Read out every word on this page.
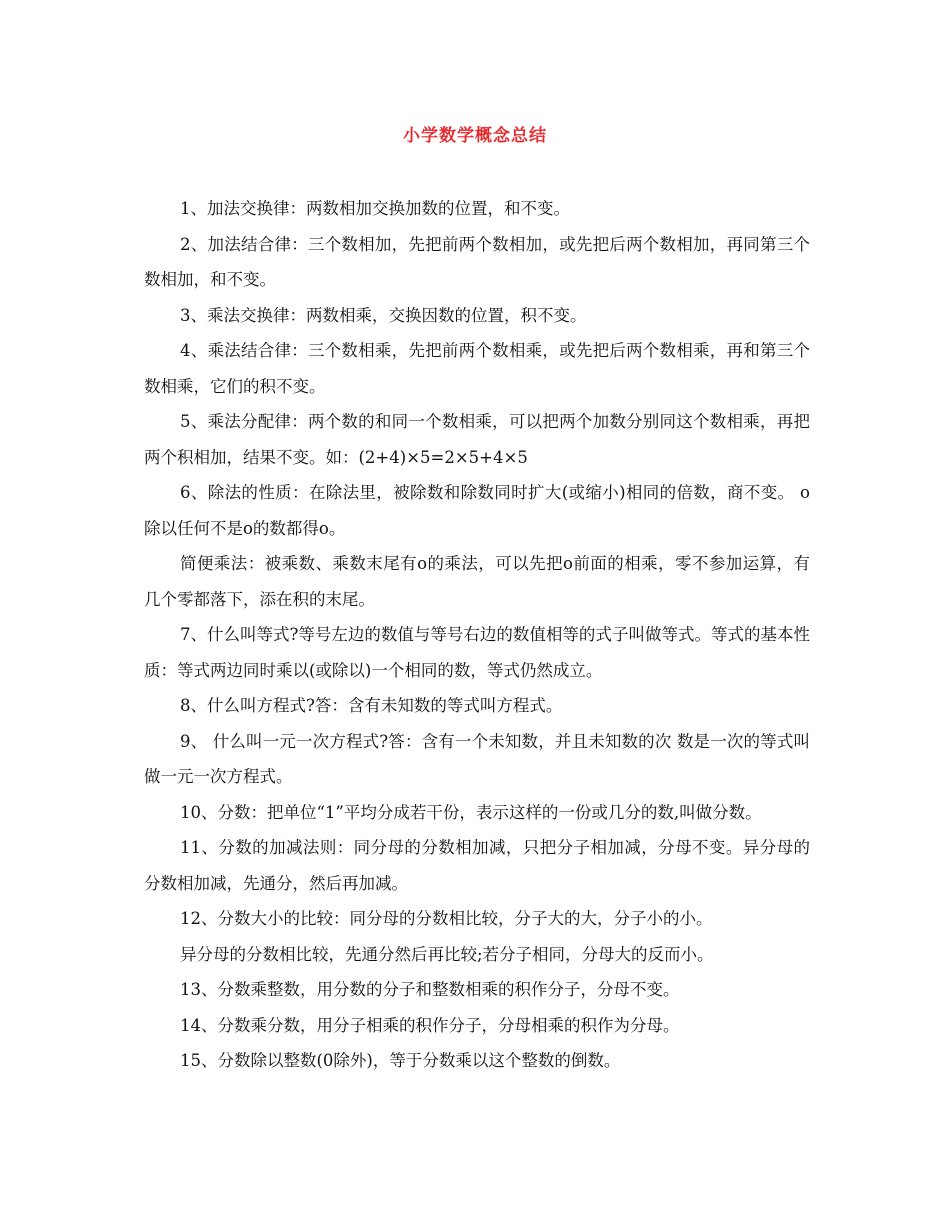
小学数学概念总结

1、加法交换律：两数相加交换加数的位置，和不变。

2、加法结合律：三个数相加，先把前两个数相加，或先把后两个数相加，再同第三个数相加，和不变。

3、乘法交换律：两数相乘，交换因数的位置，积不变。

4、乘法结合律：三个数相乘，先把前两个数相乘，或先把后两个数相乘，再和第三个数相乘，它们的积不变。

5、乘法分配律：两个数的和同一个数相乘，可以把两个加数分别同这个数相乘，再把两个积相加，结果不变。如：(2+4)×5=2×5+4×5

6、除法的性质：在除法里，被除数和除数同时扩大(或缩小)相同的倍数，商不变。 o除以任何不是o的数都得o。

简便乘法：被乘数、乘数末尾有o的乘法，可以先把o前面的相乘，零不参加运算，有几个零都落下，添在积的末尾。

7、什么叫等式?等号左边的数值与等号右边的数值相等的式子叫做等式。等式的基本性质：等式两边同时乘以(或除以)一个相同的数，等式仍然成立。

8、什么叫方程式?答：含有未知数的等式叫方程式。

9、 什么叫一元一次方程式?答：含有一个未知数，并且未知数的次 数是一次的等式叫做一元一次方程式。

10、分数：把单位“1”平均分成若干份，表示这样的一份或几分的数,叫做分数。

11、分数的加减法则：同分母的分数相加减，只把分子相加减，分母不变。异分母的分数相加减，先通分，然后再加减。

12、分数大小的比较：同分母的分数相比较，分子大的大，分子小的小。

异分母的分数相比较，先通分然后再比较;若分子相同，分母大的反而小。

13、分数乘整数，用分数的分子和整数相乘的积作分子，分母不变。

14、分数乘分数，用分子相乘的积作分子，分母相乘的积作为分母。

15、分数除以整数(0除外)，等于分数乘以这个整数的倒数。
